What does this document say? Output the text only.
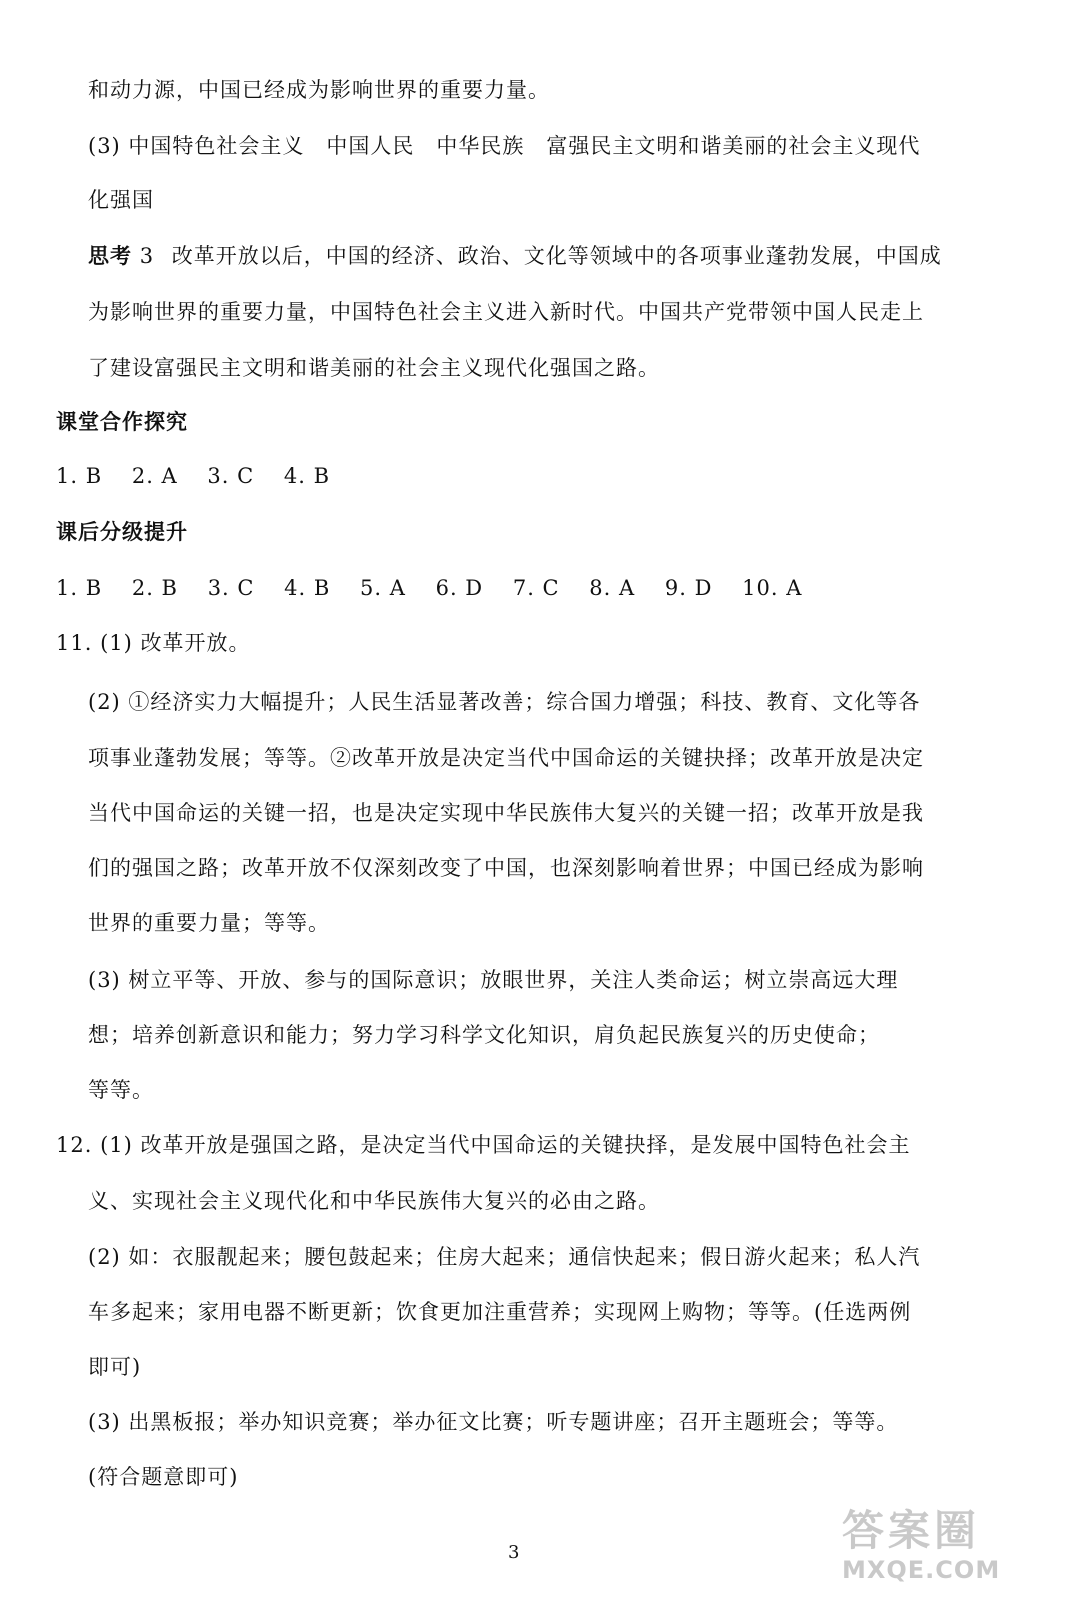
和动力源，中国已经成为影响世界的重要力量。
(3) 中国特色社会主义　中国人民　中华民族　富强民主文明和谐美丽的社会主义现代
化强国
思考 3 改革开放以后，中国的经济、政治、文化等领域中的各项事业蓬勃发展，中国成
为影响世界的重要力量，中国特色社会主义进入新时代。中国共产党带领中国人民走上
了建设富强民主文明和谐美丽的社会主义现代化强国之路。
课堂合作探究
1. B 2. A 3. C 4. B
课后分级提升
1. B 2. B 3. C 4. B 5. A 6. D 7. C 8. A 9. D 10. A
11. (1) 改革开放。
(2) ①经济实力大幅提升；人民生活显著改善；综合国力增强；科技、教育、文化等各
项事业蓬勃发展；等等。②改革开放是决定当代中国命运的关键抉择；改革开放是决定
当代中国命运的关键一招，也是决定实现中华民族伟大复兴的关键一招；改革开放是我
们的强国之路；改革开放不仅深刻改变了中国，也深刻影响着世界；中国已经成为影响
世界的重要力量；等等。
(3) 树立平等、开放、参与的国际意识；放眼世界，关注人类命运；树立崇高远大理
想；培养创新意识和能力；努力学习科学文化知识，肩负起民族复兴的历史使命；
等等。
12. (1) 改革开放是强国之路，是决定当代中国命运的关键抉择，是发展中国特色社会主
义、实现社会主义现代化和中华民族伟大复兴的必由之路。
(2) 如：衣服靓起来；腰包鼓起来；住房大起来；通信快起来；假日游火起来；私人汽
车多起来；家用电器不断更新；饮食更加注重营养；实现网上购物；等等。(任选两例
即可)
(3) 出黑板报；举办知识竞赛；举办征文比赛；听专题讲座；召开主题班会；等等。
(符合题意即可)
3	答案圈
MXQE.COM
